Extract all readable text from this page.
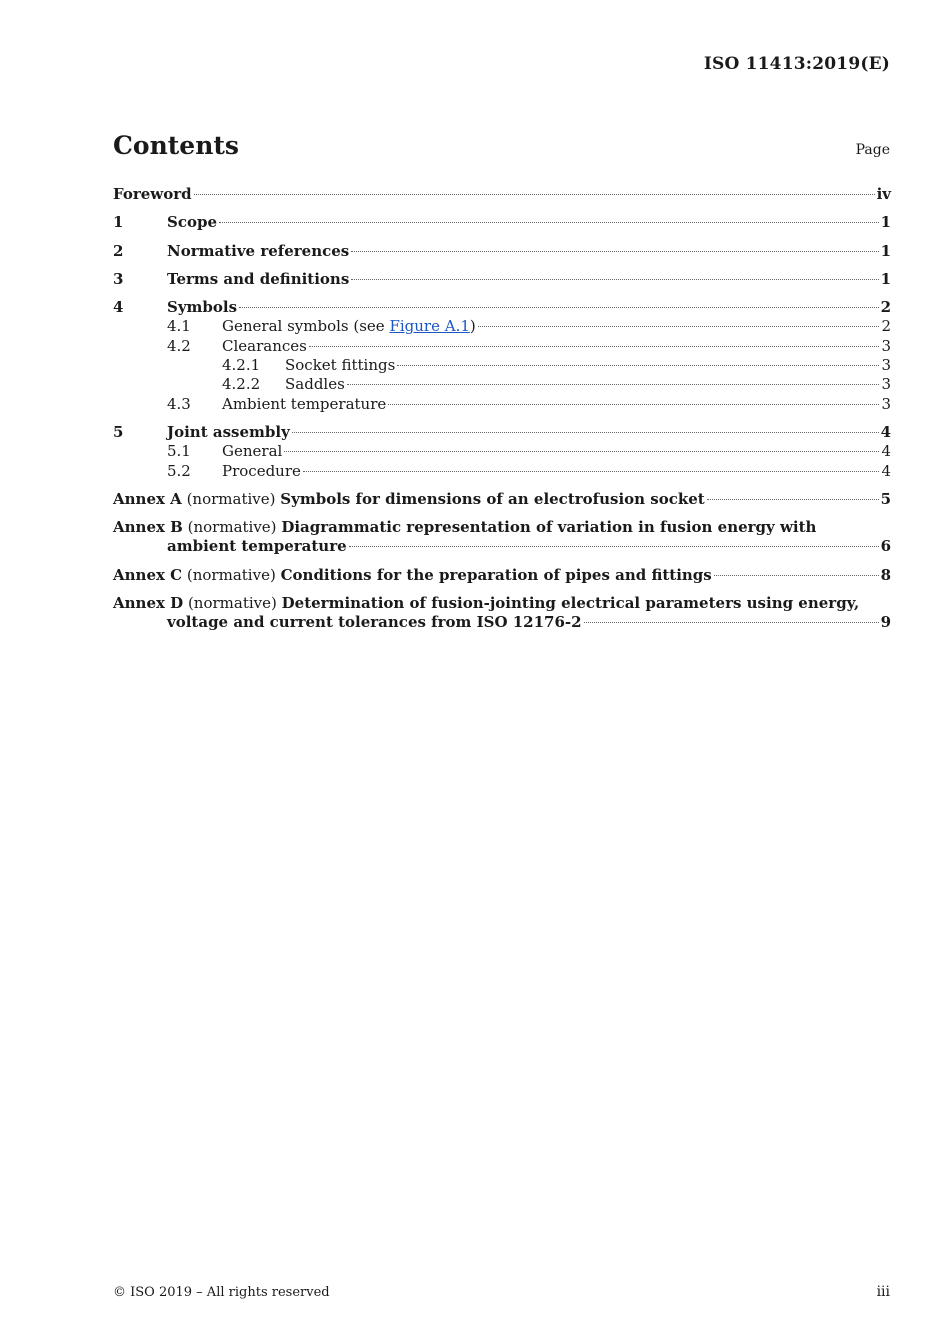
ISO 11413:2019(E)
Contents	Page
Foreword	iv
1	Scope	1
2	Normative references	1
3	Terms and definitions	1
4	Symbols	2
4.1	General symbols (see Figure A.1)	2
4.2	Clearances	3
4.2.1	Socket fittings	3
4.2.2	Saddles	3
4.3	Ambient temperature	3
5	Joint assembly	4
5.1	General	4
5.2	Procedure	4
Annex A (normative) Symbols for dimensions of an electrofusion socket	5
Annex B (normative) Diagrammatic representation of variation in fusion energy with
ambient temperature	6
Annex C (normative) Conditions for the preparation of pipes and fittings	8
Annex D (normative) Determination of fusion-jointing electrical parameters using energy,
voltage and current tolerances from ISO 12176-2	9
© ISO 2019 – All rights reserved	iii
